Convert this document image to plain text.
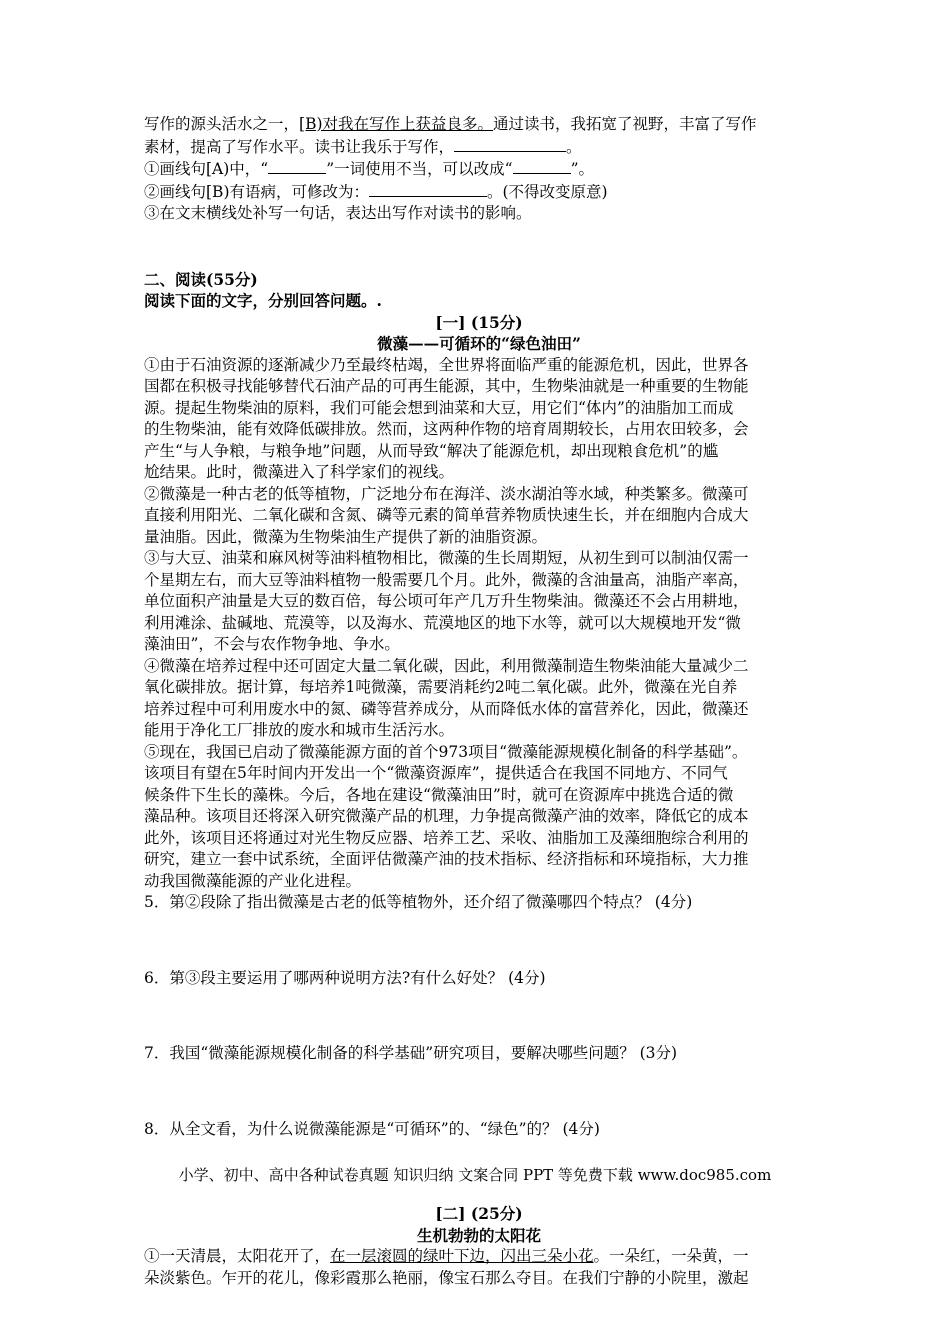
写作的源头活水之一，[B)对我在写作上获益良多。通过读书，我拓宽了视野，丰富了写作
素材，提高了写作水平。读书让我乐于写作，	。
①画线句[A)中，“	”一词使用不当，可以改成“	”。
②画线句[B)有语病，可修改为：	。(不得改变原意)
③在文末横线处补写一句话，表达出写作对读书的影响。
二、阅读(55分)
阅读下面的文字，分别回答问题。.
[一] (15分)
微藻——可循环的“绿色油田”
①由于石油资源的逐渐减少乃至最终枯竭，全世界将面临严重的能源危机，因此，世界各
国都在积极寻找能够替代石油产品的可再生能源，其中，生物柴油就是一种重要的生物能
源。提起生物柴油的原料，我们可能会想到油菜和大豆，用它们“体内”的油脂加工而成
的生物柴油，能有效降低碳排放。然而，这两种作物的培育周期较长，占用农田较多，会
产生“与人争粮，与粮争地”问题，从而导致“解决了能源危机，却出现粮食危机”的尴
尬结果。此时，微藻进入了科学家们的视线。
②微藻是一种古老的低等植物，广泛地分布在海洋、淡水湖泊等水域，种类繁多。微藻可
直接利用阳光、二氧化碳和含氮、磷等元素的简单营养物质快速生长，并在细胞内合成大
量油脂。因此，微藻为生物柴油生产提供了新的油脂资源。
③与大豆、油菜和麻风树等油料植物相比，微藻的生长周期短，从初生到可以制油仅需一
个星期左右，而大豆等油料植物一般需要几个月。此外，微藻的含油量高，油脂产率高，
单位面积产油量是大豆的数百倍，每公顷可年产几万升生物柴油。微藻还不会占用耕地，
利用滩涂、盐碱地、荒漠等，以及海水、荒漠地区的地下水等，就可以大规模地开发“微
藻油田”，不会与农作物争地、争水。
④微藻在培养过程中还可固定大量二氧化碳，因此，利用微藻制造生物柴油能大量减少二
氧化碳排放。据计算，每培养1吨微藻，需要消耗约2吨二氧化碳。此外，微藻在光自养
培养过程中可利用废水中的氮、磷等营养成分，从而降低水体的富营养化，因此，微藻还
能用于净化工厂排放的废水和城市生活污水。
⑤现在，我国已启动了微藻能源方面的首个973项目“微藻能源规模化制备的科学基础”。
该项目有望在5年时间内开发出一个“微藻资源库”，提供适合在我国不同地方、不同气
候条件下生长的藻株。今后，各地在建设“微藻油田”时，就可在资源库中挑选合适的微
藻品种。该项目还将深入研究微藻产品的机理，力争提高微藻产油的效率，降低它的成本
此外，该项目还将通过对光生物反应器、培养工艺、采收、油脂加工及藻细胞综合利用的
研究，建立一套中试系统，全面评估微藻产油的技术指标、经济指标和环境指标，大力推
动我国微藻能源的产业化进程。
5．第②段除了指出微藻是古老的低等植物外，还介绍了微藻哪四个特点？ (4分)
6．第③段主要运用了哪两种说明方法?有什么好处？ (4分)
7．我国“微藻能源规模化制备的科学基础”研究项目，要解决哪些问题？ (3分)
8．从全文看，为什么说微藻能源是“可循环”的、“绿色”的？ (4分)
[二] (25分)
生机勃勃的太阳花
①一天清晨，太阳花开了，在一层滚圆的绿叶下边，闪出三朵小花。一朵红，一朵黄，一
朵淡紫色。乍开的花儿，像彩霞那么艳丽，像宝石那么夺目。在我们宁静的小院里，激起
小学、初中、高中各种试卷真题 知识归纳 文案合同 PPT 等免费下载 www.doc985.com
